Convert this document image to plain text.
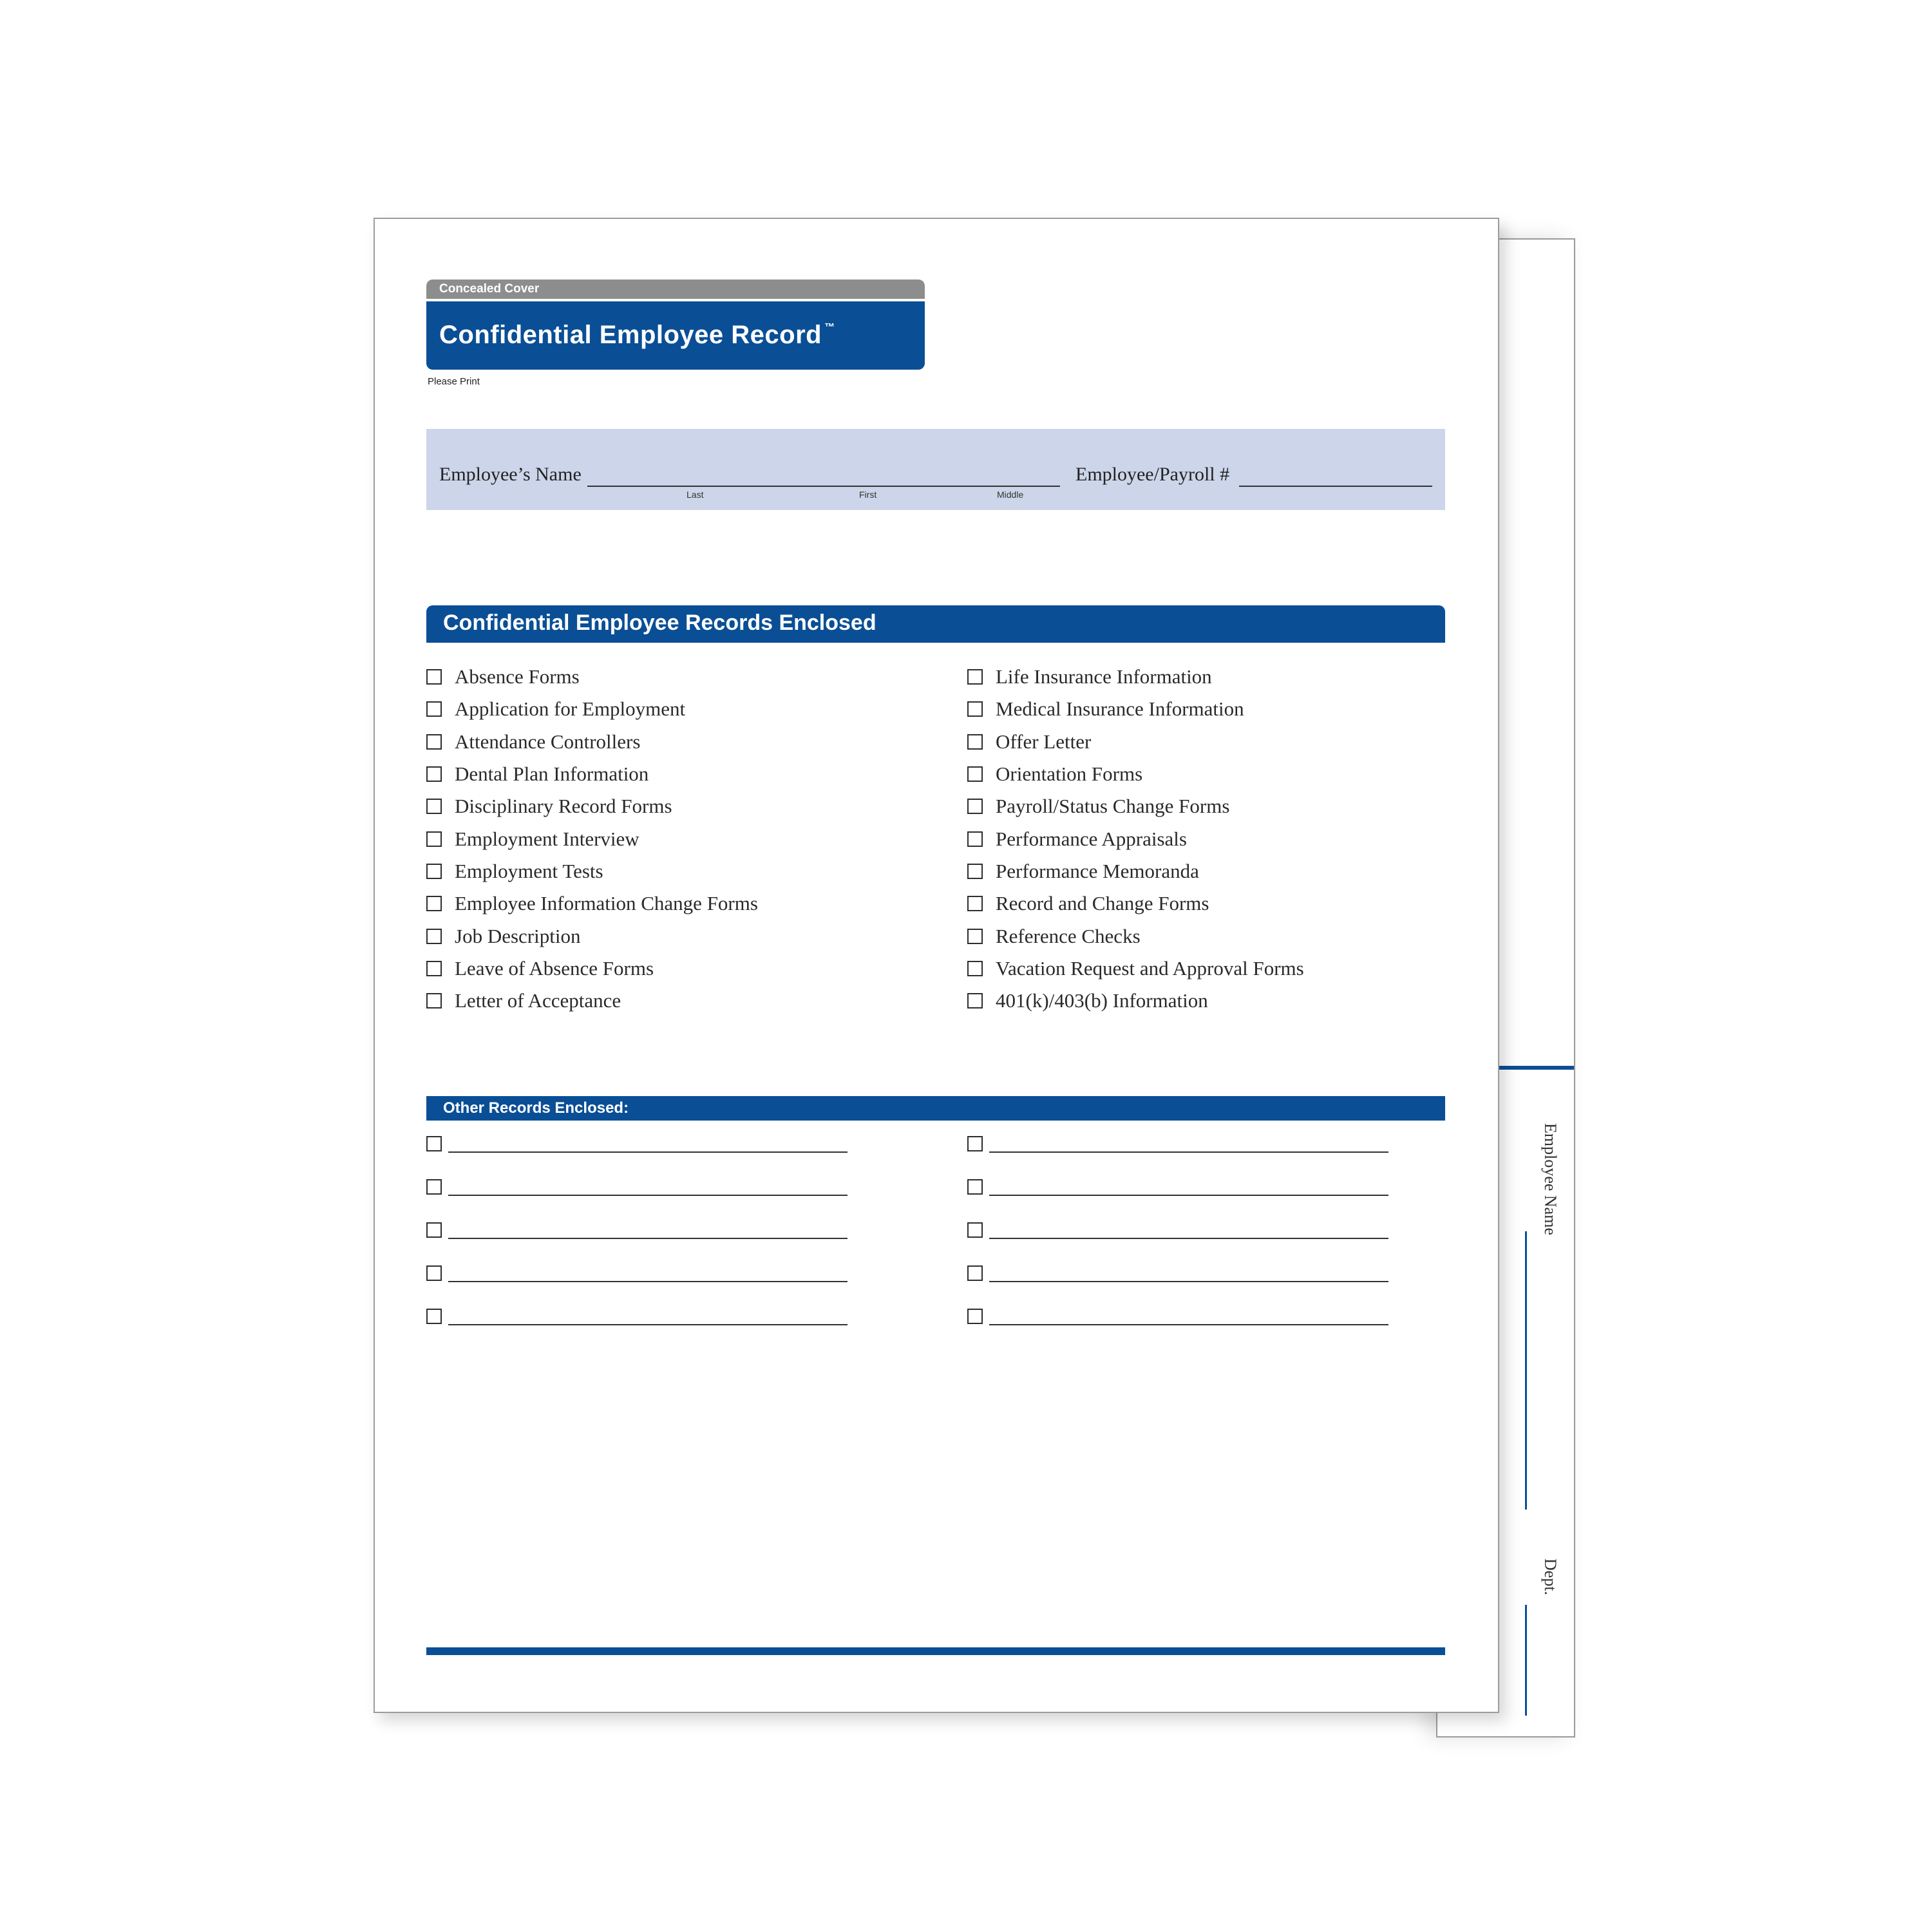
Employee Name
Dept.
Concealed Cover
Confidential Employee Record ™
Please Print
Employee’s Name
Last	First	Middle
Employee/Payroll #
Confidential Employee Records Enclosed
Absence Forms
Application for Employment
Attendance Controllers
Dental Plan Information
Disciplinary Record Forms
Employment Interview
Employment Tests
Employee Information Change Forms
Job Description
Leave of Absence Forms
Letter of Acceptance
Life Insurance Information
Medical Insurance Information
Offer Letter
Orientation Forms
Payroll/Status Change Forms
Performance Appraisals
Performance Memoranda
Record and Change Forms
Reference Checks
Vacation Request and Approval Forms
401(k)/403(b) Information
Other Records Enclosed:
